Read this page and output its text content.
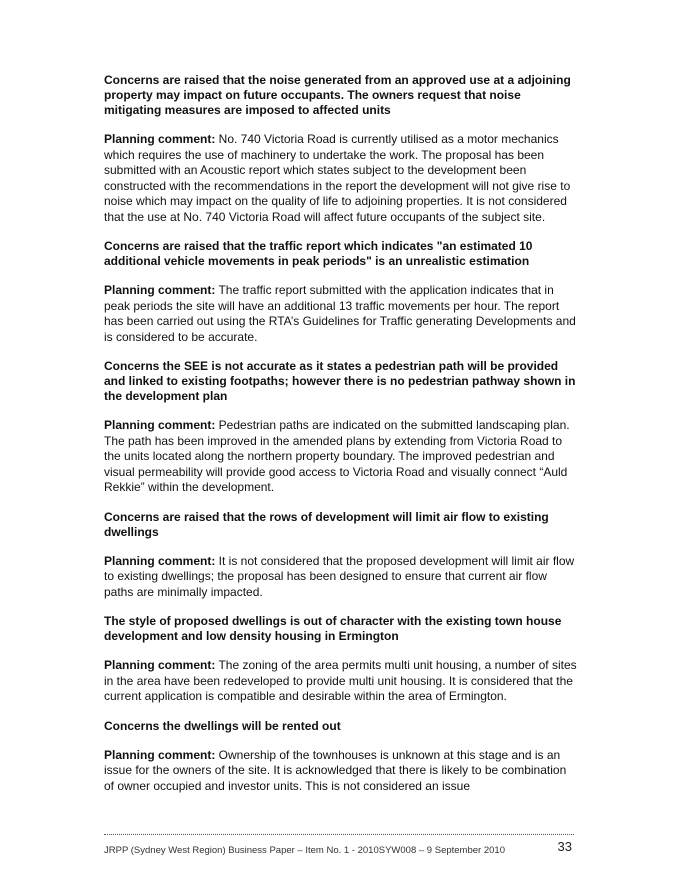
Concerns are raised that the noise generated from an approved use at a adjoining property may impact on future occupants. The owners request that noise mitigating measures are imposed to affected units

Planning comment: No. 740 Victoria Road is currently utilised as a motor mechanics which requires the use of machinery to undertake the work. The proposal has been submitted with an Acoustic report which states subject to the development been constructed with the recommendations in the report the development will not give rise to noise which may impact on the quality of life to adjoining properties. It is not considered that the use at No. 740 Victoria Road will affect future occupants of the subject site.

Concerns are raised that the traffic report which indicates "an estimated 10 additional vehicle movements in peak periods" is an unrealistic estimation

Planning comment: The traffic report submitted with the application indicates that in peak periods the site will have an additional 13 traffic movements per hour. The report has been carried out using the RTA’s Guidelines for Traffic generating Developments and is considered to be accurate.

Concerns the SEE is not accurate as it states a pedestrian path will be provided and linked to existing footpaths; however there is no pedestrian pathway shown in the development plan

Planning comment: Pedestrian paths are indicated on the submitted landscaping plan. The path has been improved in the amended plans by extending from Victoria Road to the units located along the northern property boundary. The improved pedestrian and visual permeability will provide good access to Victoria Road and visually connect “Auld Rekkie” within the development.

Concerns are raised that the rows of development will limit air flow to existing dwellings

Planning comment: It is not considered that the proposed development will limit air flow to existing dwellings; the proposal has been designed to ensure that current air flow paths are minimally impacted.

The style of proposed dwellings is out of character with the existing town house development and low density housing in Ermington

Planning comment: The zoning of the area permits multi unit housing, a number of sites in the area have been redeveloped to provide multi unit housing. It is considered that the current application is compatible and desirable within the area of Ermington.

Concerns the dwellings will be rented out

Planning comment: Ownership of the townhouses is unknown at this stage and is an issue for the owners of the site. It is acknowledged that there is likely to be combination of owner occupied and investor units. This is not considered an issue

JRPP (Sydney West Region) Business Paper – Item No. 1 - 2010SYW008 – 9 September 2010	33
